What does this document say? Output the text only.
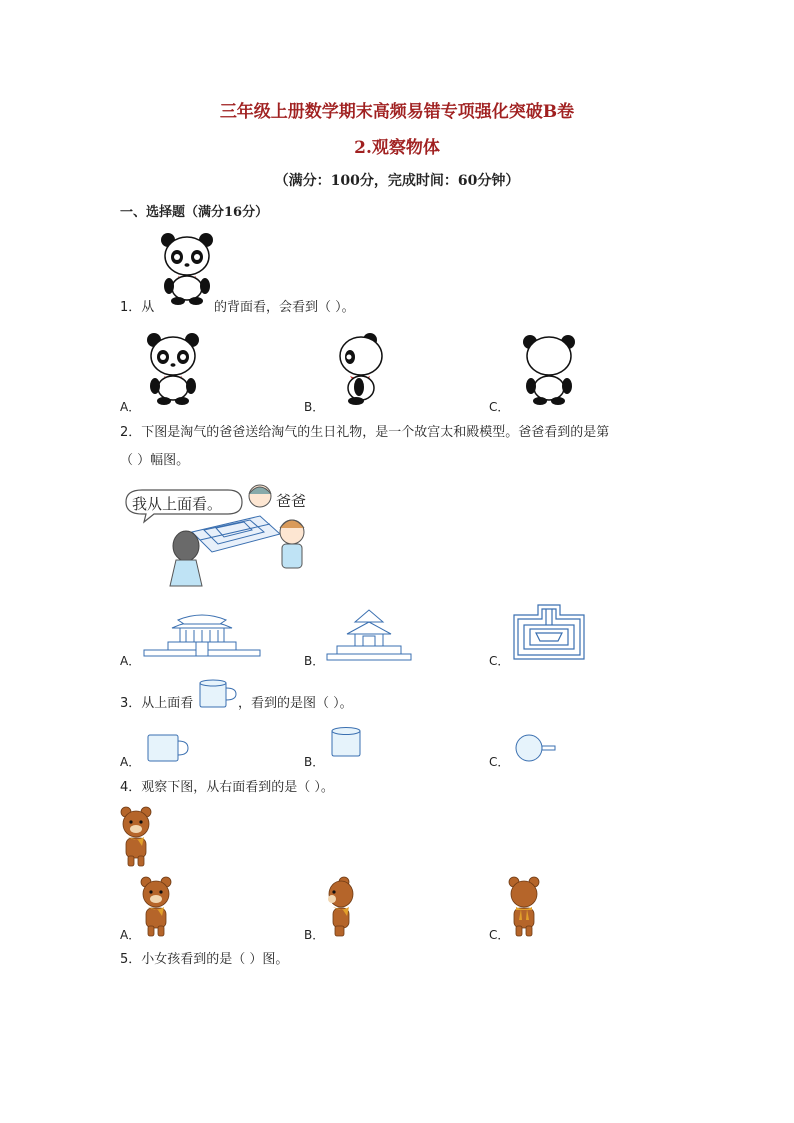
三年级上册数学期末高频易错专项强化突破B卷
2.观察物体
（满分：100分，完成时间：60分钟）
一、选择题（满分16分）
1．从	的背面看，会看到（ ）。
A．	B．	C．
2．下图是淘气的爸爸送给淘气的生日礼物，是一个故宫太和殿模型。爸爸看到的是第
（ ）幅图。
我从上面看。	爸爸
A．	B．	C．
3．从上面看	，看到的是图（ ）。
A．	B．	C．
4．观察下图，从右面看到的是（ ）。
A．	B．	C．
5．小女孩看到的是（ ）图。
